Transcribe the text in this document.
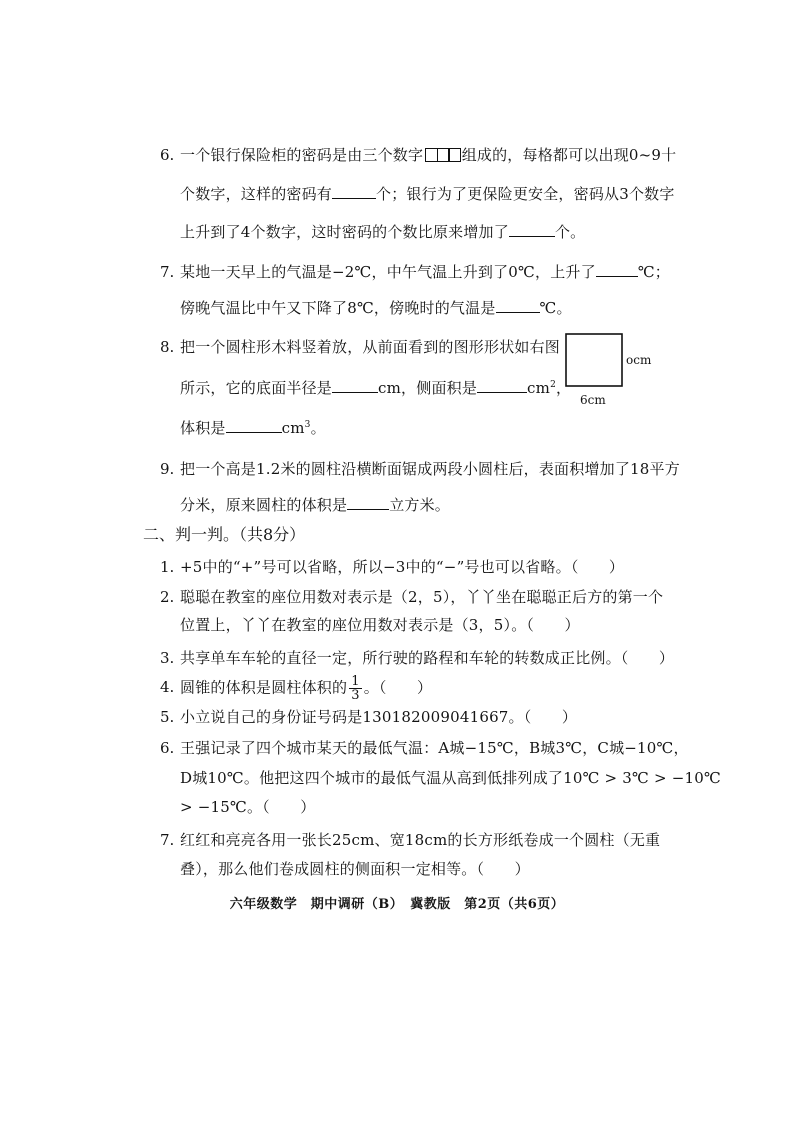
6. 一个银行保险柜的密码是由三个数字	组成的，每格都可以出现0~9十
个数字，这样的密码有	个；银行为了更保险更安全，密码从3个数字
上升到了4个数字，这时密码的个数比原来增加了	个。
7. 某地一天早上的气温是−2℃，中午气温上升到了0℃，上升了	℃；
傍晚气温比中午又下降了8℃，傍晚时的气温是	℃。
8. 把一个圆柱形木料竖着放，从前面看到的图形形状如右图
所示，它的底面半径是	cm，侧面积是	$cm^2$，
体积是	$cm^3$。
ocm
6cm
9. 把一个高是1.2米的圆柱沿横断面锯成两段小圆柱后，表面积增加了18平方
分米，原来圆柱的体积是	立方米。
二、判一判。（共8分）
1. +5中的“+”号可以省略，所以−3中的“−”号也可以省略。（　　）
2. 聪聪在教室的座位用数对表示是（2，5），丫丫坐在聪聪正后方的第一个
位置上，丫丫在教室的座位用数对表示是（3，5）。（　　）
3. 共享单车车轮的直径一定，所行驶的路程和车轮的转数成正比例。（　　）
4. 圆锥的体积是圆柱体积的 $\frac{1}{3}$ 。（　　）
5. 小立说自己的身份证号码是130182009041667。（　　）
6. 王强记录了四个城市某天的最低气温：A城−15℃，B城3℃，C城−10℃，
D城10℃。他把这四个城市的最低气温从高到低排列成了10℃ > 3℃ > −10℃
> −15℃。（　　）
7. 红红和亮亮各用一张长25cm、宽18cm的长方形纸卷成一个圆柱（无重
叠），那么他们卷成圆柱的侧面积一定相等。（　　）
六年级数学　期中调研（B）　冀教版　第2页（共6页）
